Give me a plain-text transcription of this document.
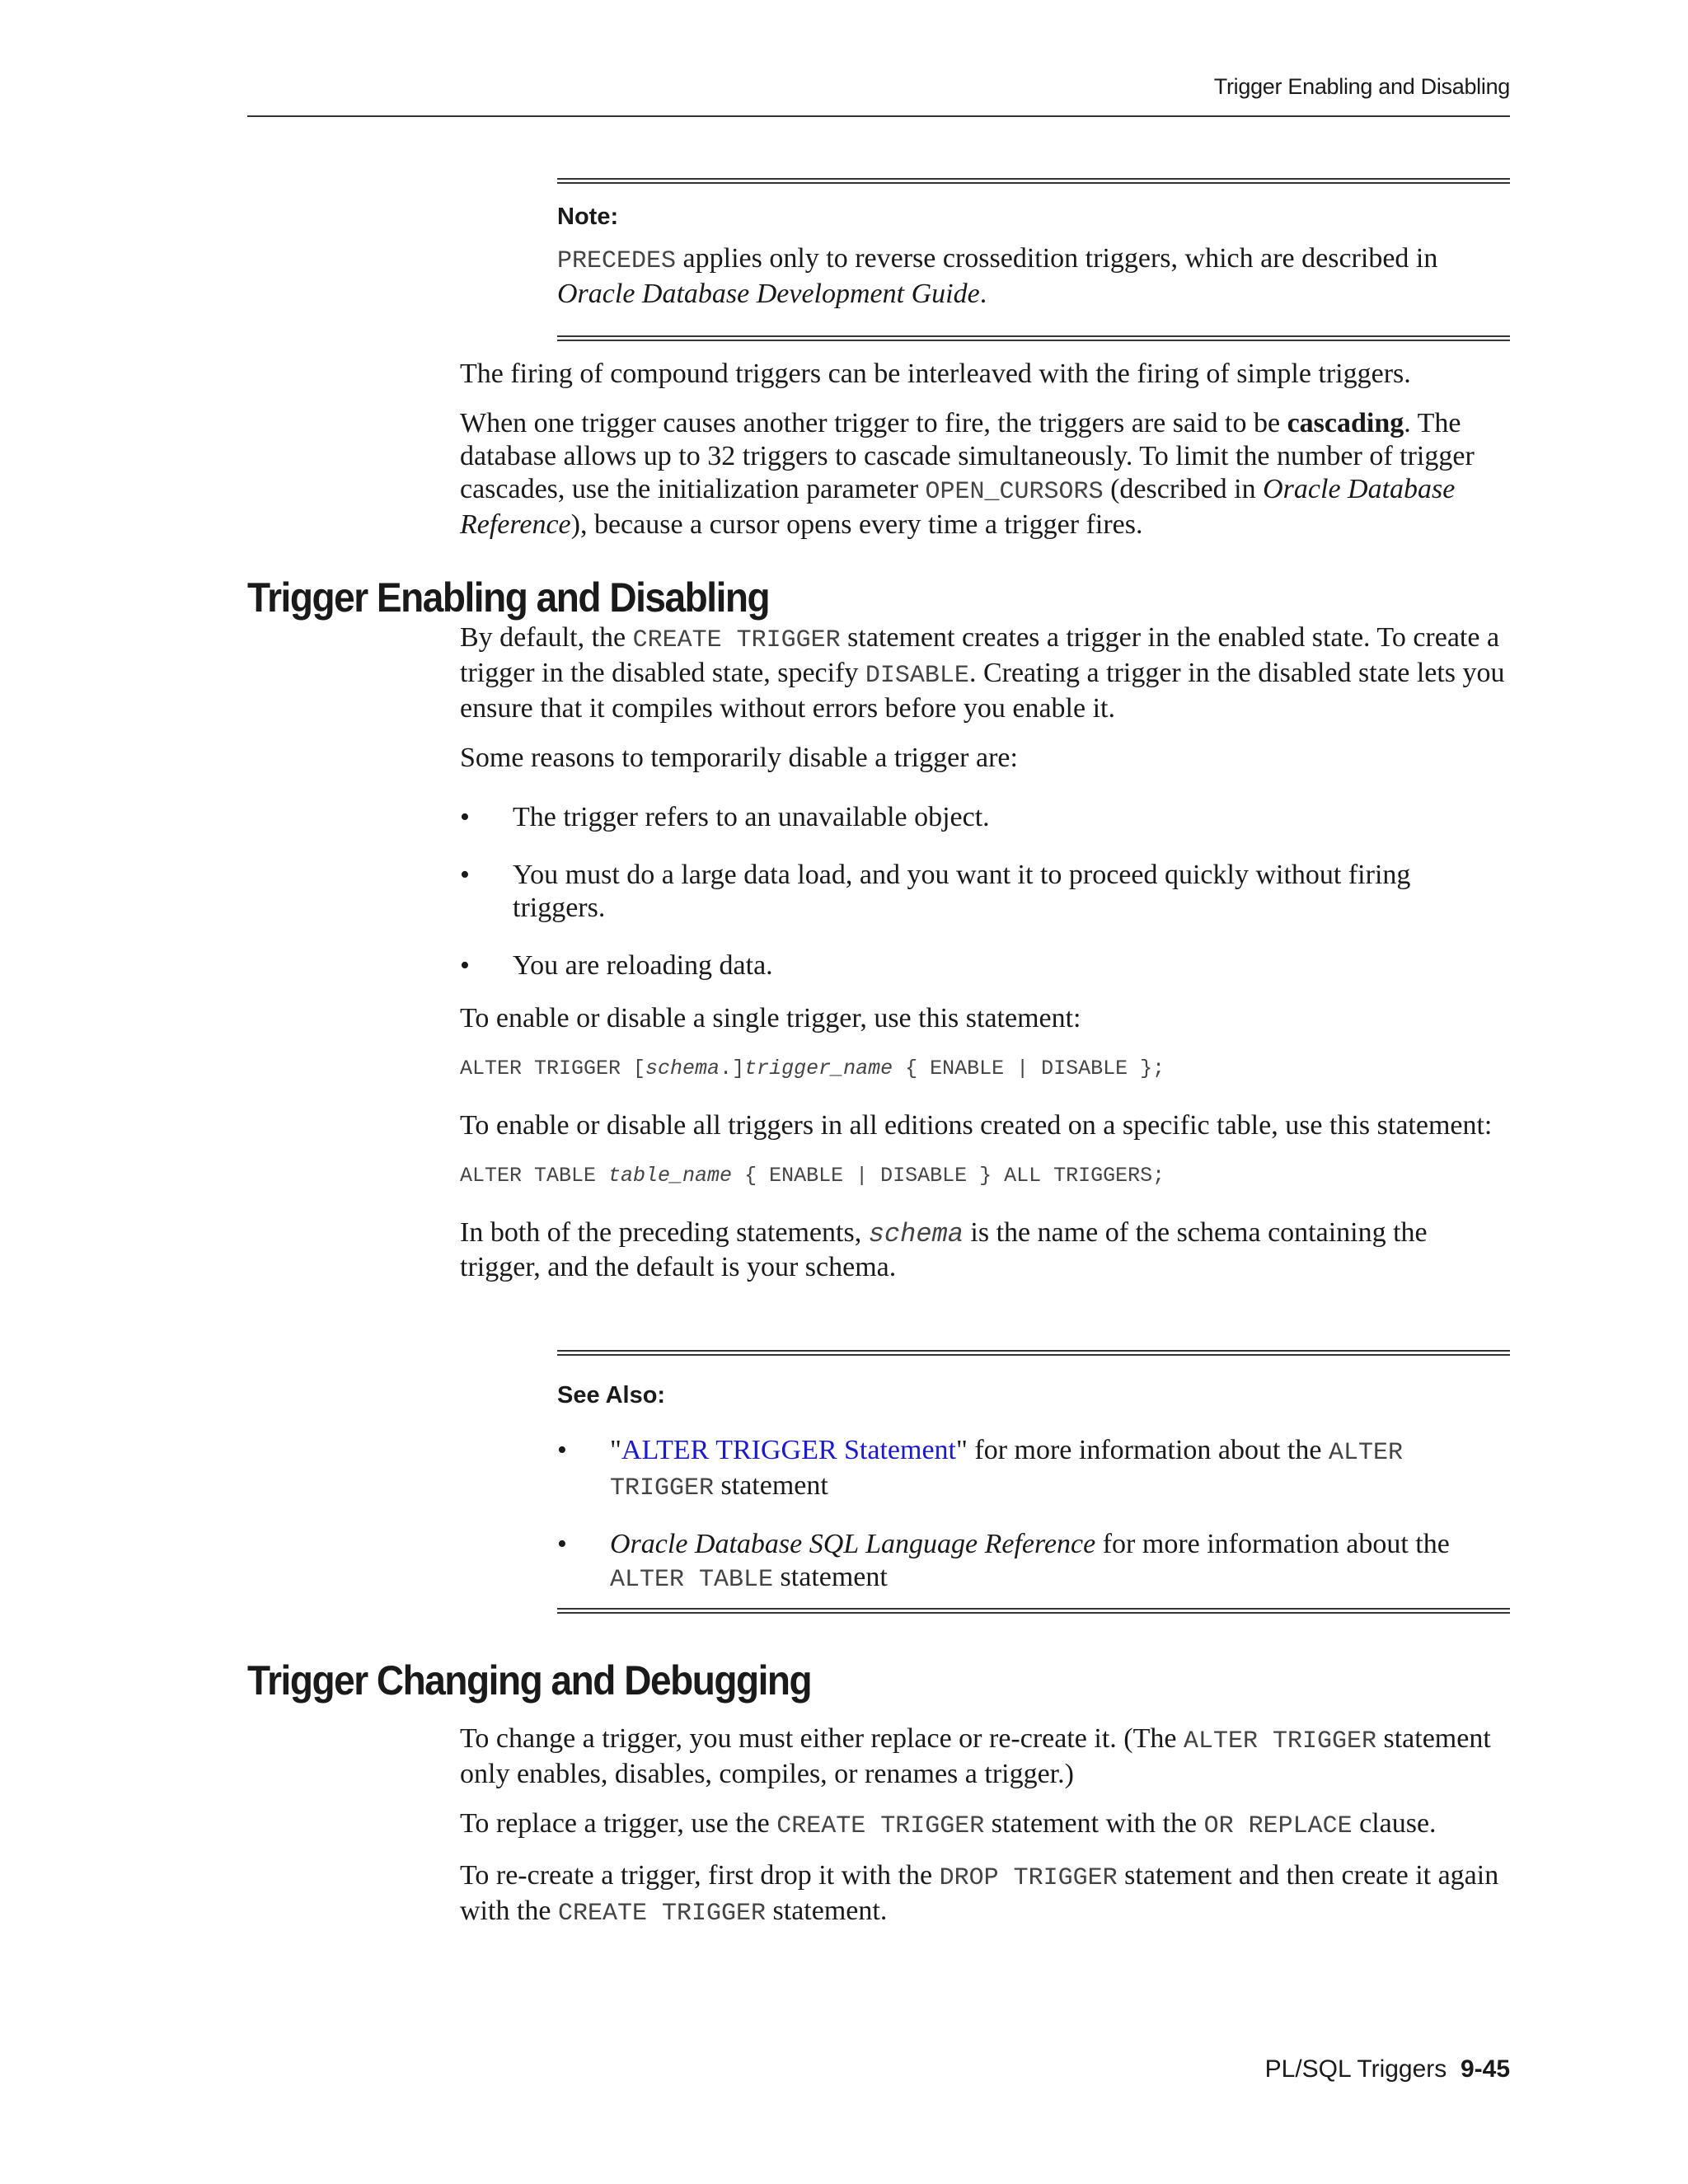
Trigger Enabling and Disabling

Note:

PRECEDES applies only to reverse crossedition triggers, which are described in Oracle Database Development Guide.

The firing of compound triggers can be interleaved with the firing of simple triggers.

When one trigger causes another trigger to fire, the triggers are said to be cascading. The database allows up to 32 triggers to cascade simultaneously. To limit the number of trigger cascades, use the initialization parameter OPEN_CURSORS (described in Oracle Database Reference), because a cursor opens every time a trigger fires.

Trigger Enabling and Disabling

By default, the CREATE TRIGGER statement creates a trigger in the enabled state. To create a trigger in the disabled state, specify DISABLE. Creating a trigger in the disabled state lets you ensure that it compiles without errors before you enable it.

Some reasons to temporarily disable a trigger are:

• The trigger refers to an unavailable object.
• You must do a large data load, and you want it to proceed quickly without firing triggers.
• You are reloading data.

To enable or disable a single trigger, use this statement:

ALTER TRIGGER [schema.]trigger_name { ENABLE | DISABLE };

To enable or disable all triggers in all editions created on a specific table, use this statement:

ALTER TABLE table_name { ENABLE | DISABLE } ALL TRIGGERS;

In both of the preceding statements, schema is the name of the schema containing the trigger, and the default is your schema.

See Also:

• "ALTER TRIGGER Statement" for more information about the ALTER TRIGGER statement
• Oracle Database SQL Language Reference for more information about the ALTER TABLE statement
Trigger Changing and Debugging

To change a trigger, you must either replace or re-create it. (The ALTER TRIGGER statement only enables, disables, compiles, or renames a trigger.)

To replace a trigger, use the CREATE TRIGGER statement with the OR REPLACE clause.

To re-create a trigger, first drop it with the DROP TRIGGER statement and then create it again with the CREATE TRIGGER statement.

PL/SQL Triggers 9-45
